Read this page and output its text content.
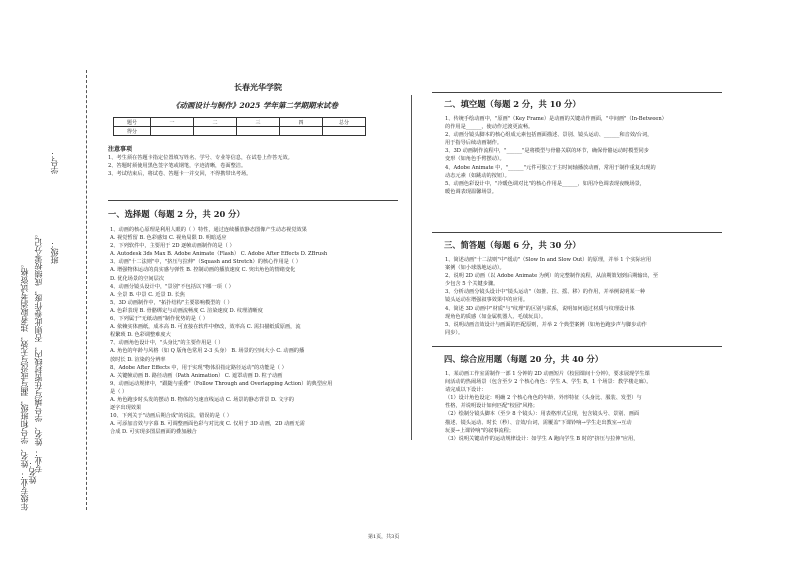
学号：
班级：
专业： 姓名、学号填写在密封线内，否则此卷作废，成绩按零分记。
年级专业： 姓名、学号和班级，漏写或没写无效，违者取消考试资格。 姓名：
长春光华学院
《动画设计与制作》2025 学年第二学期期末试卷
题号	一	二	三	四	总分
得分					

注意事项

1、考生须在答题卡指定位置填写姓名、学号、专业等信息，在试卷上作答无效。

2、答题时须使用黑色签字笔或钢笔，字迹清晰，卷面整洁。

3、考试结束后，将试卷、答题卡一并交回，不得携带出考场。

一、选择题（每题 2 分，共 20 分）

1、动画的核心原理是利用人眼的（ ）特性，通过连续播放静态图像产生动态视觉效果

A. 视觉暂留 B. 色彩感知 C. 视角局限 D. 明暗适应

2、下列软件中，主要用于 2D 逐帧动画制作的是（ ）

A. Autodesk 3ds Max B. Adobe Animate（Flash） C. Adobe After Effects D. ZBrush

3、动画"十二法则"中，"挤压与拉伸"（Squash and Stretch）的核心作用是（ ）

A. 增强物体运动的真实感与弹性 B. 控制动画的播放速度 C. 突出角色的情绪变化

D. 优化场景的空间层次

4、动画分镜头设计中，"景别"不包括以下哪一项（ ）

A. 全景 B. 中景 C. 近景 D. 长焦

5、3D 动画制作中，"拓扑结构"主要影响模型的（ ）

A. 色彩表现 B. 骨骼绑定与动画流畅度 C. 渲染速度 D. 纹理清晰度

6、下列属于"无纸动画"制作优势的是（ ）

A. 依赖实体画纸，成本高 B. 可直接在软件中修改，效率高 C. 需扫描纸质原画，流

程繁琐 D. 色彩调整难度大

7、动画角色设计中，"头身比"的主要作用是（ ）

A. 角色的年龄与风格（如 Q 版角色常用 2-3 头身） B. 场景的空间大小 C. 动画的播

放时长 D. 渲染的分辨率

8、Adobe After Effects 中，用于实现"物体沿指定路径运动"的功能是（ ）

A. 关键帧动画 B. 路径动画（Path Animation） C. 遮罩动画 D. 粒子动画

9、动画运动规律中，"跟随与重叠"（Follow Through and Overlapping Action）的典型应用

是（ ）

A. 角色跑步时头发的摆动 B. 物体的匀速直线运动 C. 场景的静态背景 D. 文字的

逐字出现效果

10、下列关于"动画后期合成"的说法，错误的是（ ）

A. 可添加音效与字幕 B. 可调整画面色彩与对比度 C. 仅用于 3D 动画，2D 动画无需

合成 D. 可实现多图层画面的叠加融合

二、填空题（每题 2 分，共 10 分）

1、传统手绘动画中，"原画"（Key Frame）是动画的关键动作画面，"中间画"（In-Between）

的作用是______，使动作过渡更流畅。

2、动画分镜头脚本的核心组成元素包括画面描述、景别、镜头运动、______和音效/台词，

用于指导后续动画制作。

3、3D 动画制作流程中，"______"是将模型与骨骼关联的环节，确保骨骼运动时模型同步

变形（如角色手臂摆动）。

4、Adobe Animate 中，"______"元件可独立于主时间轴播放动画，常用于制作重复出现的

动态元素（如跳动的按钮）。

5、动画色彩设计中，"冷暖色调对比"的核心作用是______，如用冷色调表现夜晚场景，

暖色调表现温馨场景。

三、简答题（每题 6 分，共 30 分）

1、简述动画"十二法则"中"缓动"（Slow In and Slow Out）的原理，并举 1 个实际应用

案例（如小球落地运动）。

2、说明 2D 动画（以 Adobe Animate 为例）的完整制作流程，从前期策划到后期输出，至

少包含 5 个关键步骤。

3、分析动画分镜头设计中"镜头运动"（如推、拉、摇、移）的作用，并举例说明某一种

镜头运动在增强叙事效果中的应用。

4、简述 3D 动画中"材质"与"纹理"的区别与联系，说明如何通过材质与纹理设计体

现角色的质感（如金属机器人、毛绒玩具）。

5、说明动画音效设计与画面的匹配原则，并举 2 个典型案例（如角色跑步声与脚步动作

同步）。

四、综合应用题（每题 20 分，共 40 分）

1、某动画工作室需制作一部 1 分钟的 2D 动画短片《校园课间十分钟》，要求展现学生课

间活动的热闹场景（包含至少 2 个核心角色：学生 A、学生 B，1 个场景：教学楼走廊）。

请完成以下设计：

（1）设计角色设定：明确 2 个核心角色的年龄、外形特征（头身比、服装、发型）与

性格，并说明设计如何匹配"校园"风格；

（2）绘制分镜头脚本（至少 8 个镜头）：用表格形式呈现，包含镜头号、景别、画面

描述、镜头运动、时长（秒）、音效/台词，需覆盖"下课铃响→学生走出教室→互动

玩耍→上课铃响"的叙事流程；

（3）说明关键动作的运动规律设计：如学生 A 跑向学生 B 时的"挤压与拉伸"应用，

第1页，共3页
